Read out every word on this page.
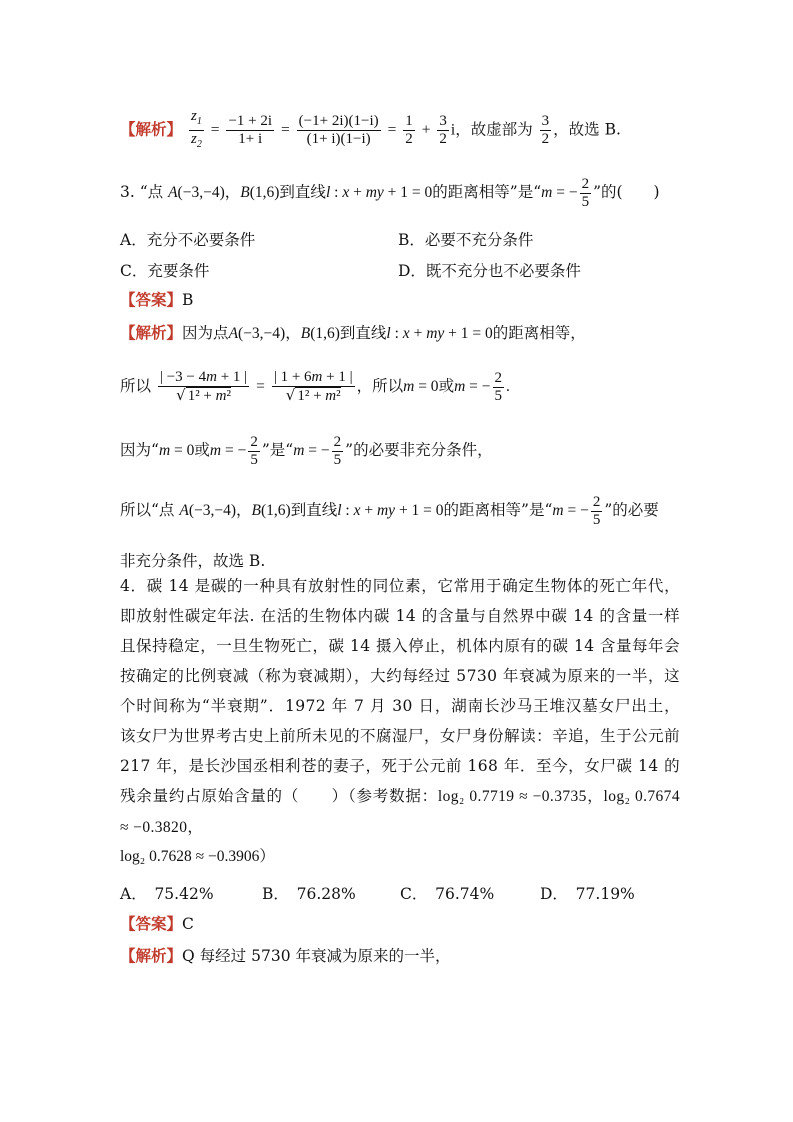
【解析】 $\frac{z_1}{z_2} = \frac{-1 + 2i}{1+ i} = \frac{(-1+ 2i)(1-i)}{(1+ i)(1-i)} = \frac{1}{2} + \frac{3}{2}$ i，故虚部为 $\frac{3}{2}$ ，故选 B.
3. “点 A(−3,−4)，B(1,6)到直线l : x + my + 1 = 0的距离相等”是“m = − $\frac{2}{5}$ ”的(　　)
A．充分不必要条件	B．必要不充分条件
C．充要条件	D．既不充分也不必要条件
【答案】B
【解析】因为点A(−3,−4)，B(1,6)到直线l : x + my + 1 = 0的距离相等，
所以 $\frac{| -3 - 4m + 1 |}{\text{√ 1² + m²}} = \frac{| 1 + 6m + 1 |}{\text{√ 1² + m²}}$ ，所以m = 0或m = − $\frac{2}{5}$ .
因为“m = 0或m = − $\frac{2}{5}$ ”是“m = − $\frac{2}{5}$ ”的必要非充分条件，
所以“点 A(−3,−4)，B(1,6)到直线l : x + my + 1 = 0的距离相等”是“m = − $\frac{2}{5}$ ”的必要
非充分条件，故选 B.
4．碳 14 是碳的一种具有放射性的同位素，它常用于确定生物体的死亡年代，即放射性碳定年法. 在活的生物体内碳 14 的含量与自然界中碳 14 的含量一样且保持稳定，一旦生物死亡，碳 14 摄入停止，机体内原有的碳 14 含量每年会按确定的比例衰减（称为衰减期），大约每经过 5730 年衰减为原来的一半，这个时间称为“半衰期”．1972 年 7 月 30 日，湖南长沙马王堆汉墓女尸出土，该女尸为世界考古史上前所未见的不腐湿尸，女尸身份解读：辛追，生于公元前 217 年，是长沙国丞相利苍的妻子，死于公元前 168 年．至今，女尸碳 14 的残余量约占原始含量的（　　）（参考数据：log₂ 0.7719 ≈ −0.3735，log₂ 0.7674 ≈ −0.3820，
log₂ 0.7628 ≈ −0.3906）
A．　75.42%	B．　76.28%	C．　76.74%	D．　77.19%
【答案】C
【解析】Q 每经过 5730 年衰减为原来的一半，
